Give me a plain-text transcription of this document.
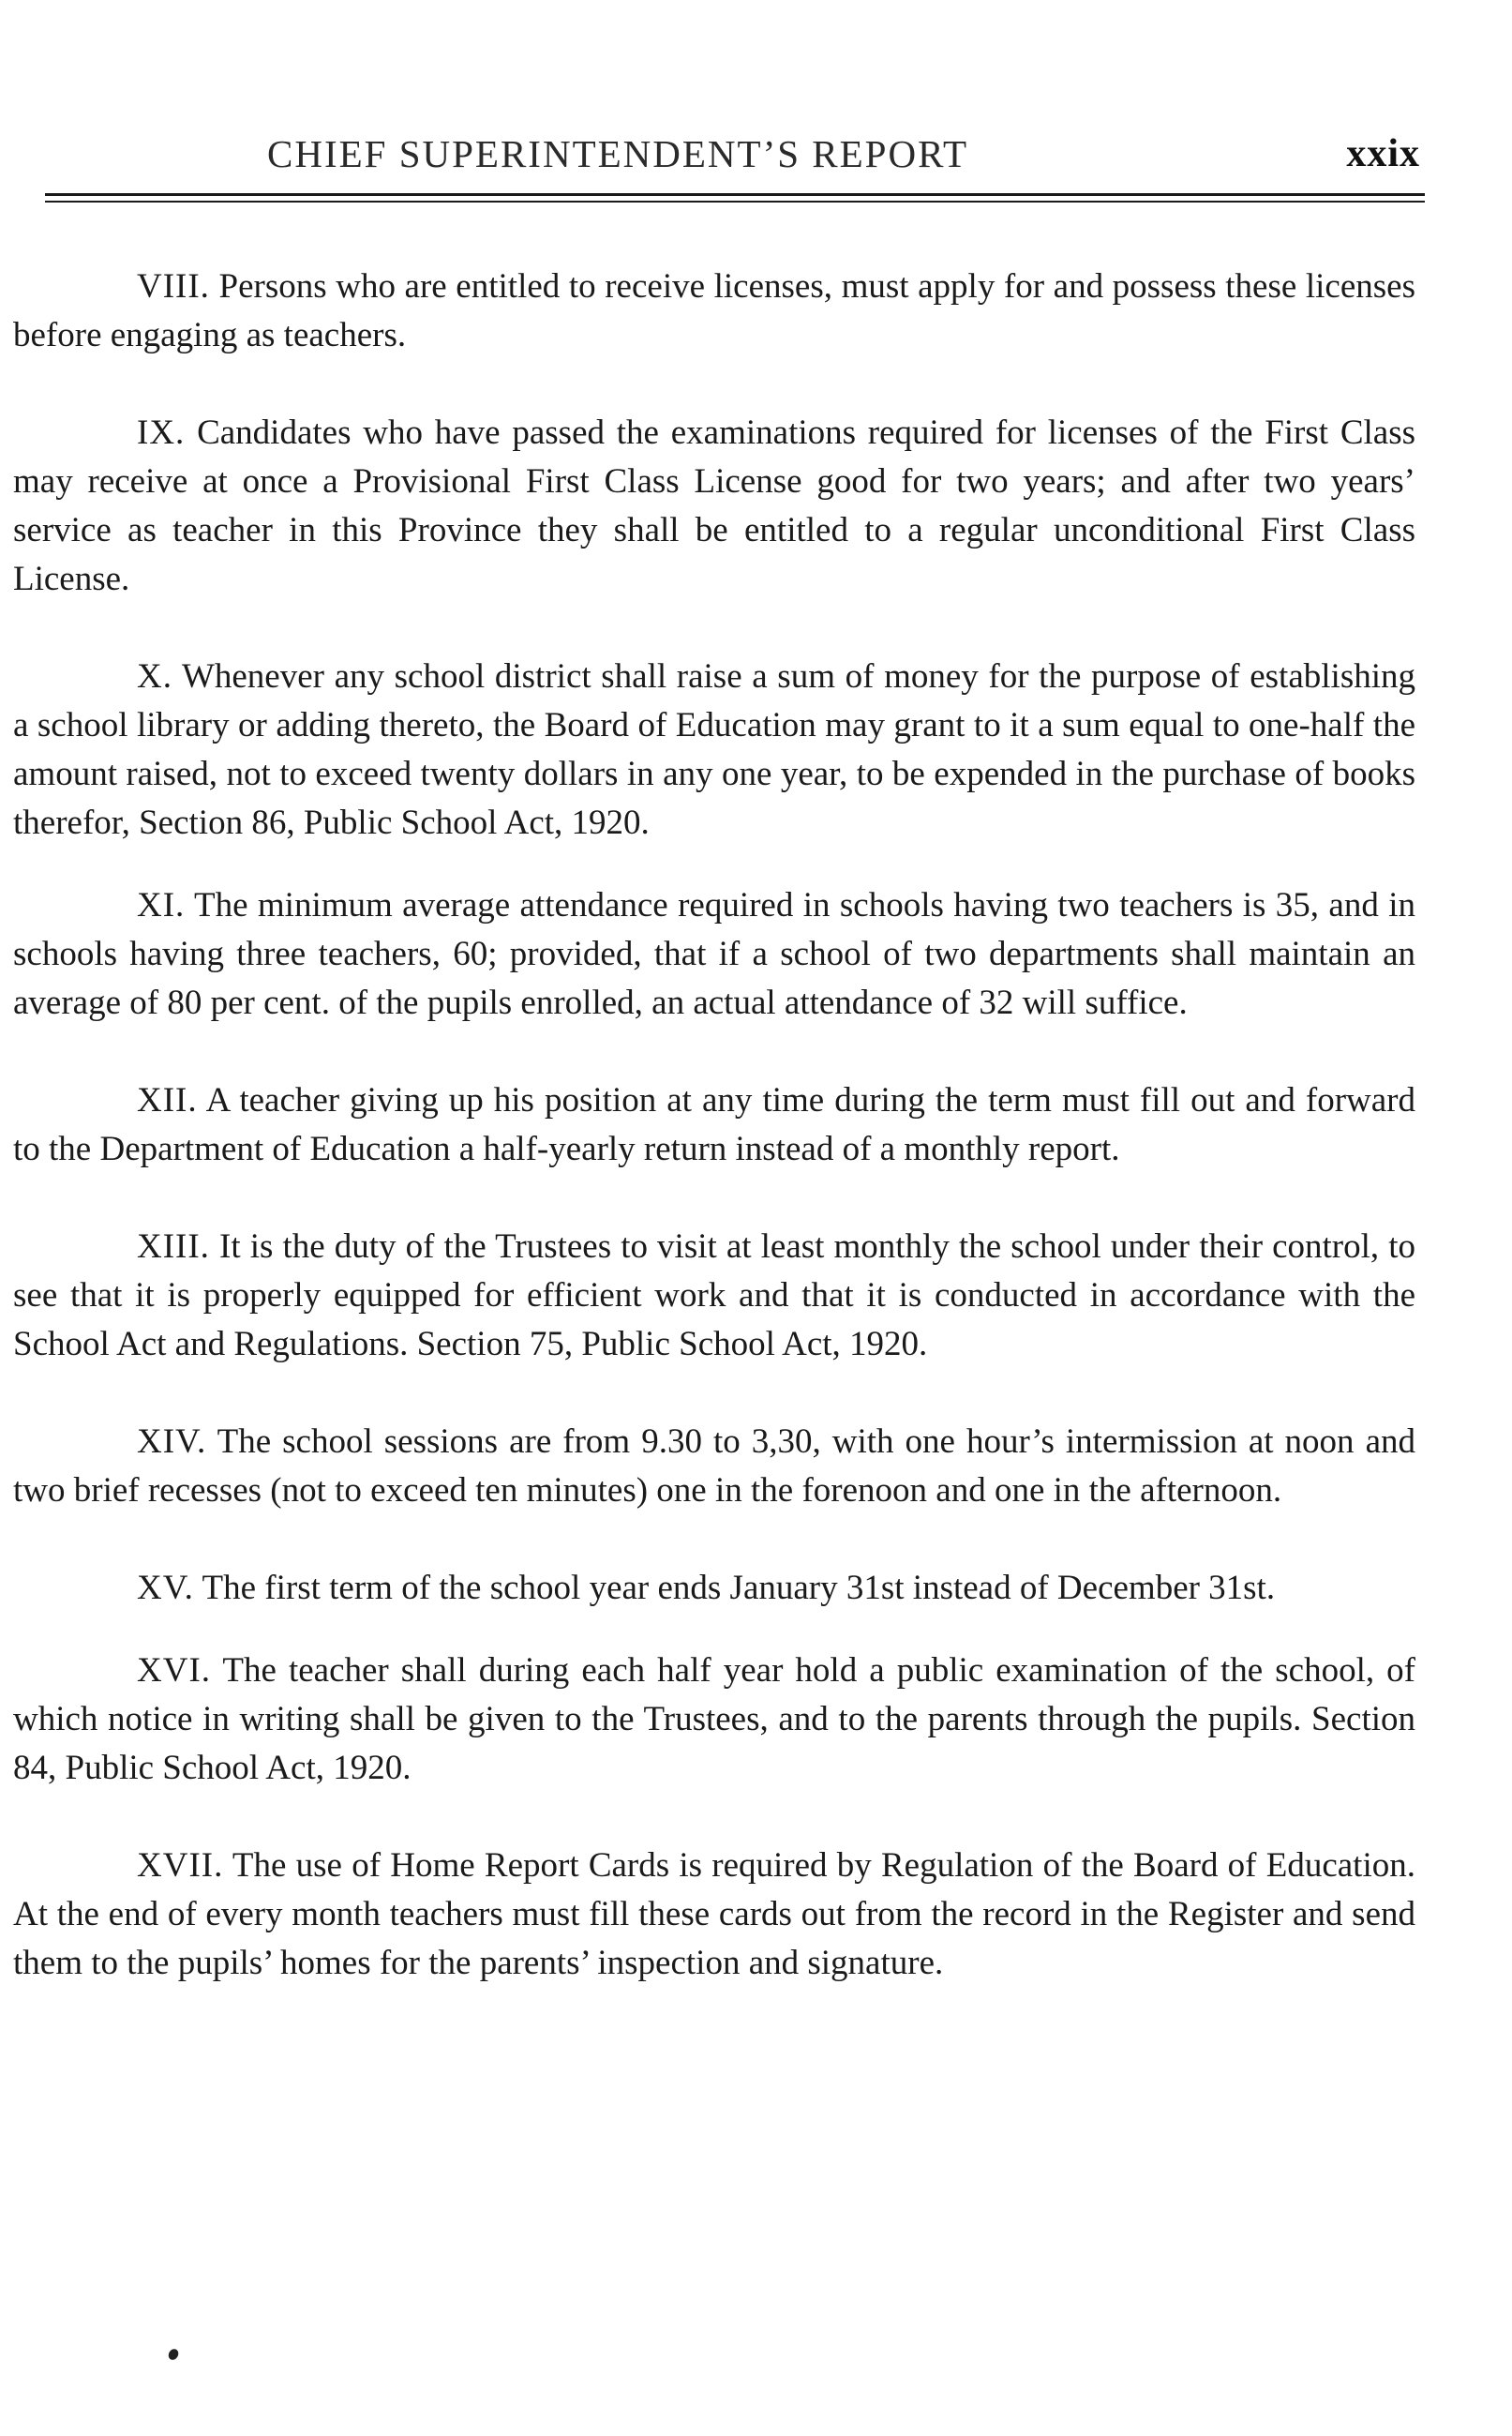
CHIEF SUPERINTENDENT’S REPORT	xxix

VIII. Persons who are entitled to receive licenses, must apply for and possess these licenses before engaging as teachers.

IX. Candidates who have passed the examinations required for licenses of the First Class may receive at once a Provisional First Class License good for two years; and after two years’ service as teacher in this Province they shall be entitled to a regular unconditional First Class License.

X. Whenever any school district shall raise a sum of money for the purpose of establishing a school library or adding thereto, the Board of Education may grant to it a sum equal to one-half the amount raised, not to exceed twenty dollars in any one year, to be expended in the purchase of books therefor, Section 86, Public School Act, 1920.

XI. The minimum average attendance required in schools having two teachers is 35, and in schools having three teachers, 60; provided, that if a school of two departments shall maintain an average of 80 per cent. of the pupils enrolled, an actual attendance of 32 will suffice.

XII. A teacher giving up his position at any time during the term must fill out and forward to the Department of Education a half-yearly return instead of a monthly report.

XIII. It is the duty of the Trustees to visit at least monthly the school under their control, to see that it is properly equipped for efficient work and that it is conducted in accordance with the School Act and Regulations. Section 75, Public School Act, 1920.

XIV. The school sessions are from 9.30 to 3,30, with one hour’s intermission at noon and two brief recesses (not to exceed ten minutes) one in the forenoon and one in the afternoon.

XV. The first term of the school year ends January 31st instead of December 31st.

XVI. The teacher shall during each half year hold a public examination of the school, of which notice in writing shall be given to the Trustees, and to the parents through the pupils. Section 84, Public School Act, 1920.

XVII. The use of Home Report Cards is required by Regulation of the Board of Education. At the end of every month teachers must fill these cards out from the record in the Register and send them to the pupils’ homes for the parents’ inspection and signature.
